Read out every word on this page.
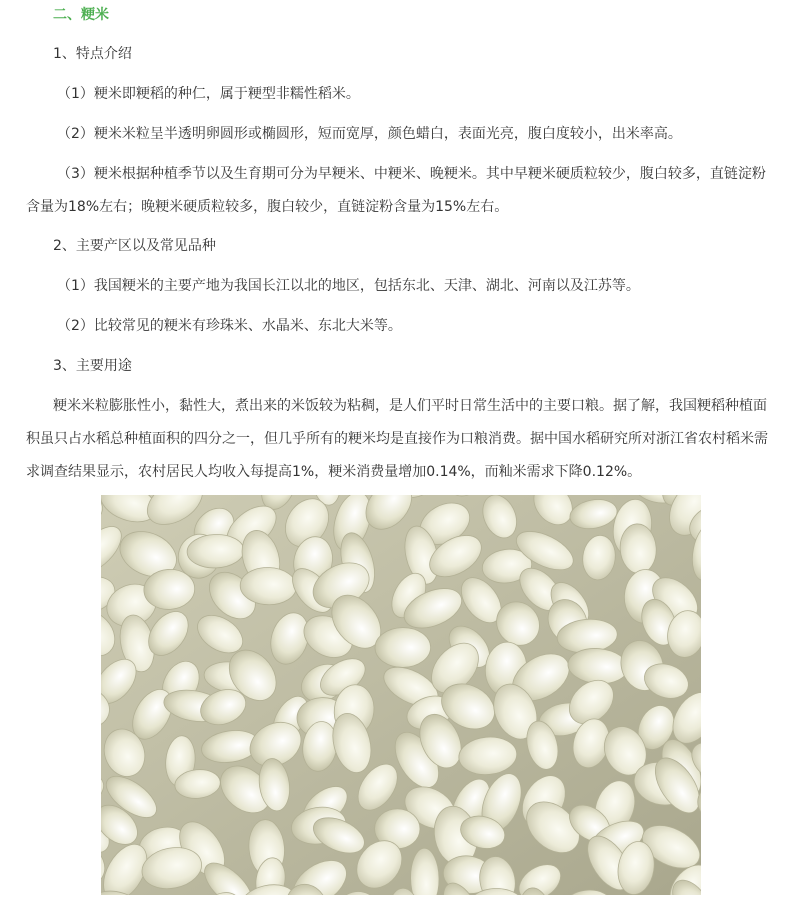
二、粳米
1、特点介绍
（1）粳米即粳稻的种仁，属于粳型非糯性稻米。
（2）粳米米粒呈半透明卵圆形或椭圆形，短而宽厚，颜色蜡白，表面光亮，腹白度较小，出米率高。
（3）粳米根据种植季节以及生育期可分为早粳米、中粳米、晚粳米。其中早粳米硬质粒较少，腹白较多，直链淀粉含量为18%左右；晚粳米硬质粒较多，腹白较少，直链淀粉含量为15%左右。
2、主要产区以及常见品种
（1）我国粳米的主要产地为我国长江以北的地区，包括东北、天津、湖北、河南以及江苏等。
（2）比较常见的粳米有珍珠米、水晶米、东北大米等。
3、主要用途
粳米米粒膨胀性小，黏性大，煮出来的米饭较为粘稠，是人们平时日常生活中的主要口粮。据了解，我国粳稻种植面积虽只占水稻总种植面积的四分之一，但几乎所有的粳米均是直接作为口粮消费。据中国水稻研究所对浙江省农村稻米需求调查结果显示，农村居民人均收入每提高1%，粳米消费量增加0.14%，而籼米需求下降0.12%。
